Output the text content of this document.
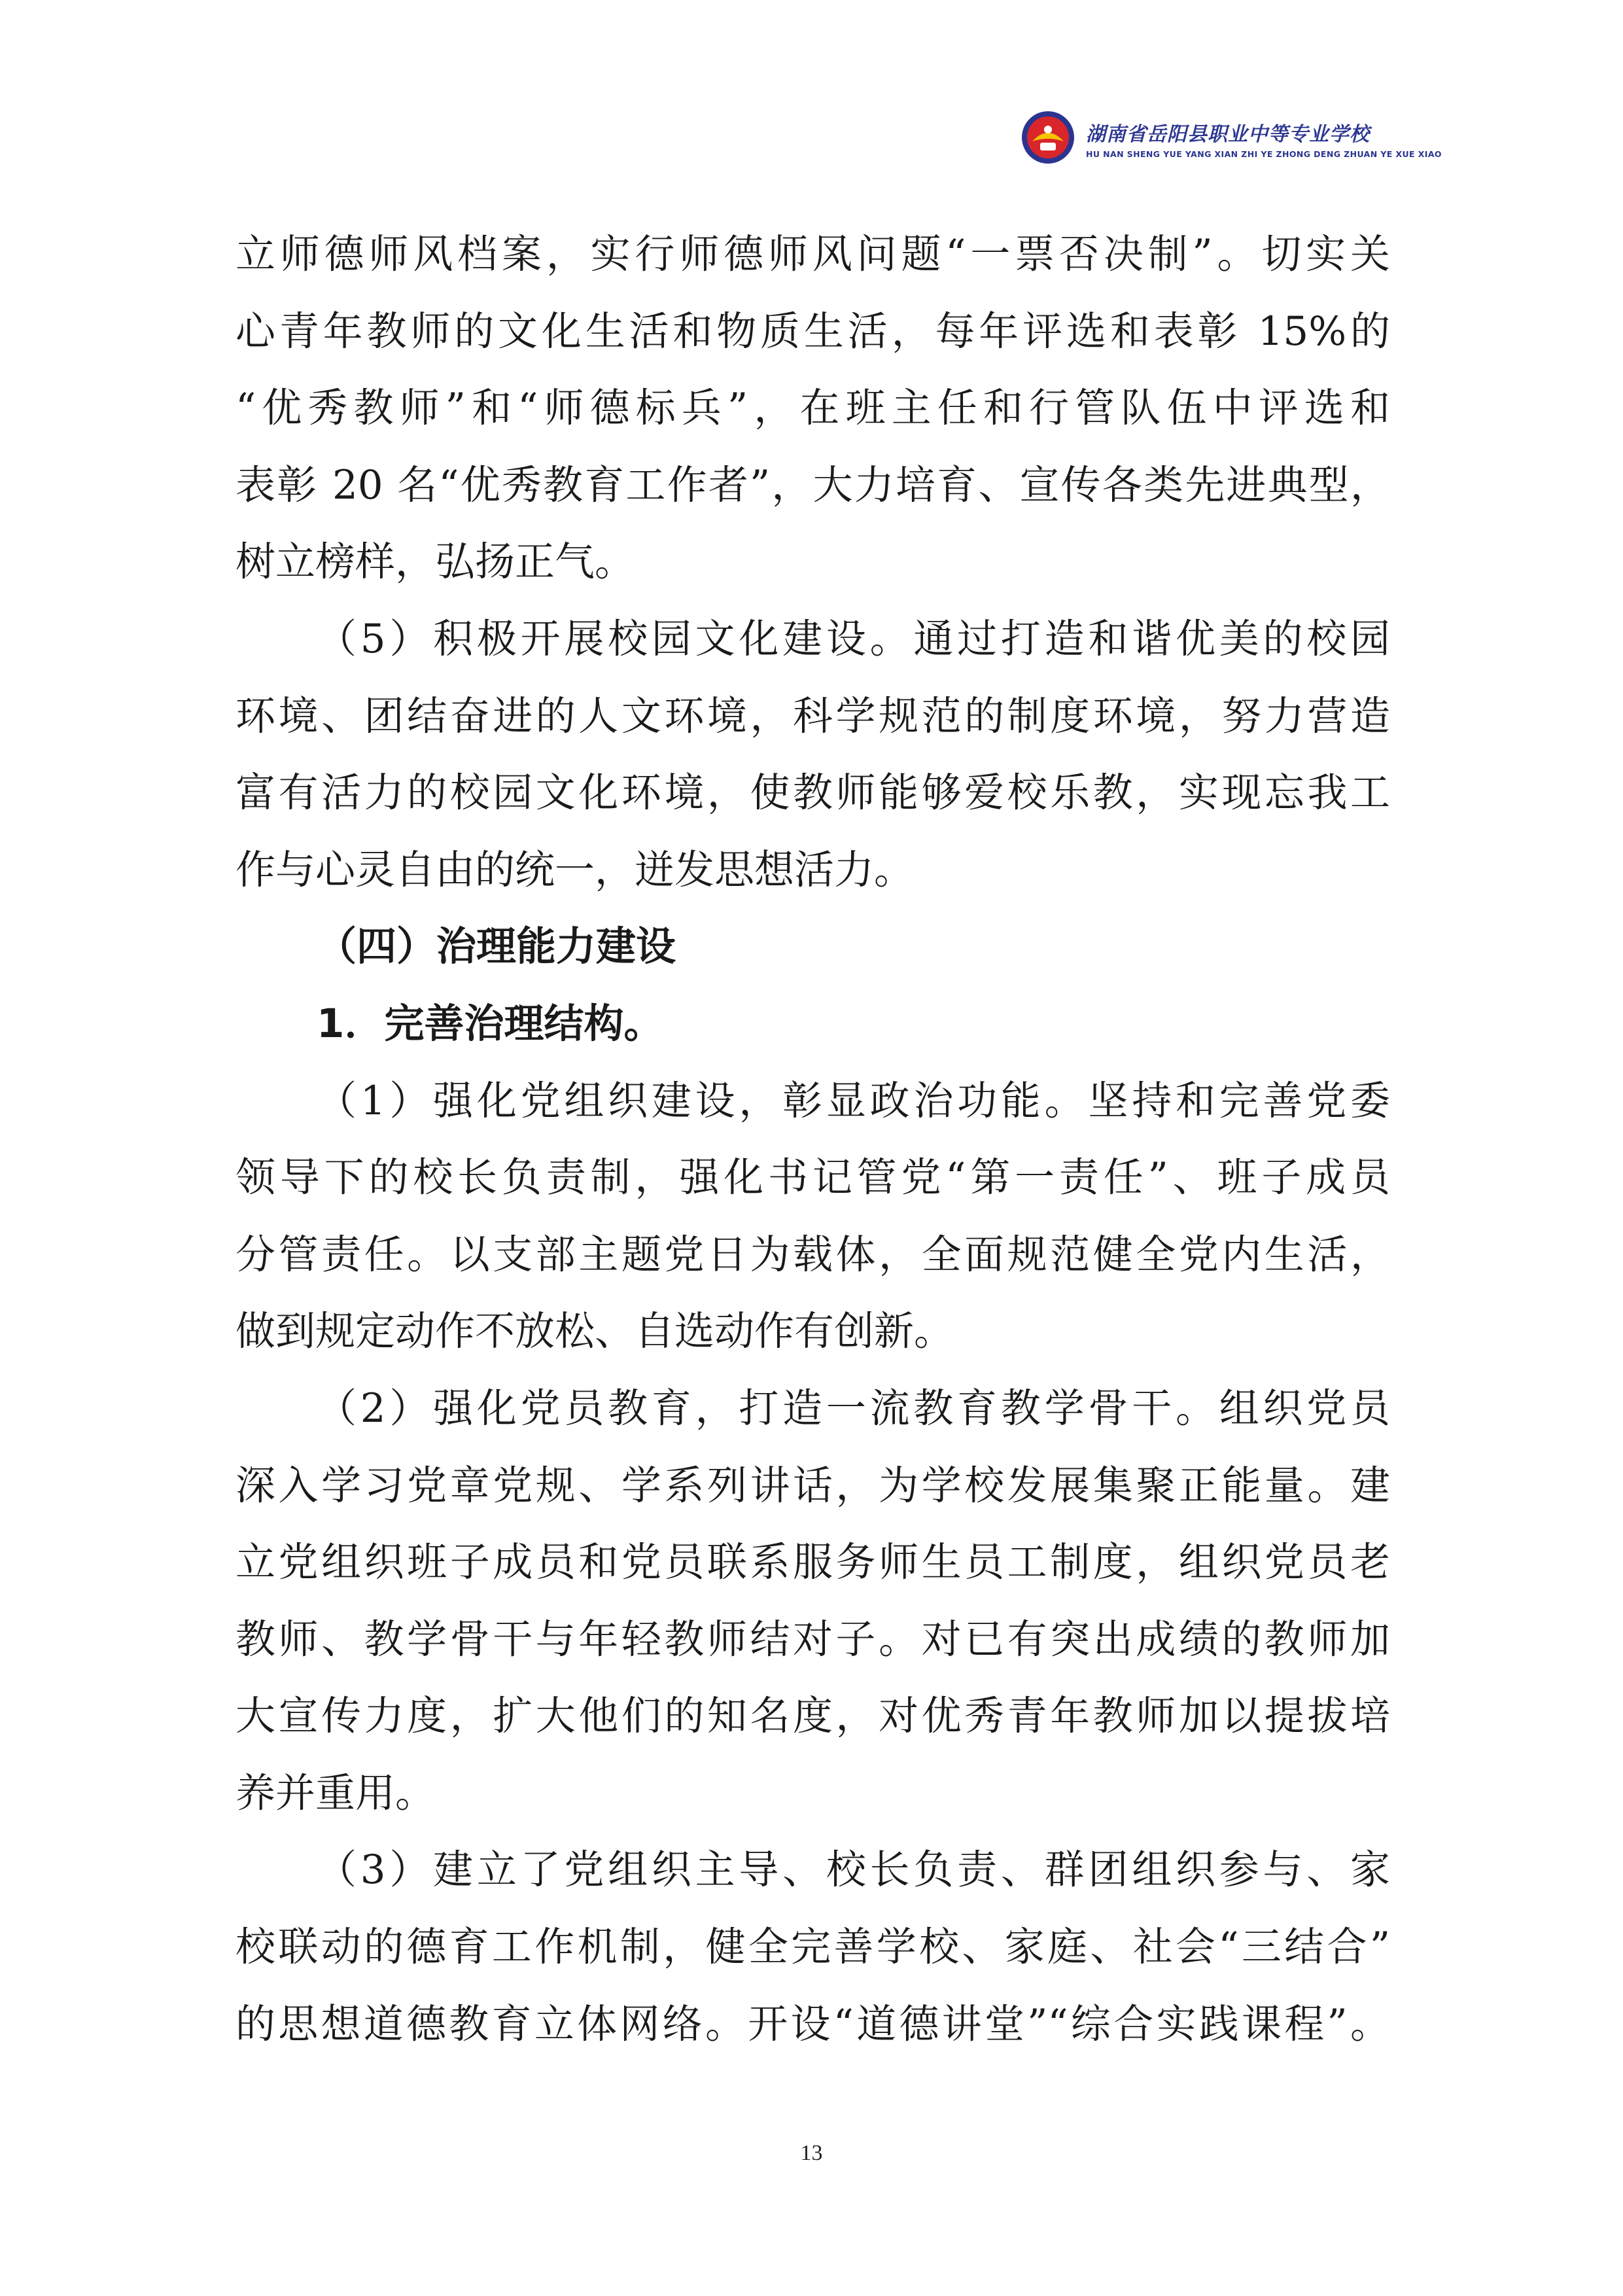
湖南省岳阳县职业中等专业学校
HU NAN SHENG YUE YANG XIAN ZHI YE ZHONG DENG ZHUAN YE XUE XIAO
立师德师风档案，实行师德师风问题“一票否决制”。切实关
心青年教师的文化生活和物质生活，每年评选和表彰 15%的
“优秀教师”和“师德标兵”，在班主任和行管队伍中评选和
表彰 20 名“优秀教育工作者”，大力培育、宣传各类先进典型，
树立榜样，弘扬正气。
（5）积极开展校园文化建设。通过打造和谐优美的校园
环境、团结奋进的人文环境，科学规范的制度环境，努力营造
富有活力的校园文化环境，使教师能够爱校乐教，实现忘我工
作与心灵自由的统一，迸发思想活力。
（四）治理能力建设
1．完善治理结构。
（1）强化党组织建设，彰显政治功能。坚持和完善党委
领导下的校长负责制，强化书记管党“第一责任”、班子成员
分管责任。以支部主题党日为载体，全面规范健全党内生活，
做到规定动作不放松、自选动作有创新。
（2）强化党员教育，打造一流教育教学骨干。组织党员
深入学习党章党规、学系列讲话，为学校发展集聚正能量。建
立党组织班子成员和党员联系服务师生员工制度，组织党员老
教师、教学骨干与年轻教师结对子。对已有突出成绩的教师加
大宣传力度，扩大他们的知名度，对优秀青年教师加以提拔培
养并重用。
（3）建立了党组织主导、校长负责、群团组织参与、家
校联动的德育工作机制，健全完善学校、家庭、社会“三结合”
的思想道德教育立体网络。开设“道德讲堂”“综合实践课程”。
13
